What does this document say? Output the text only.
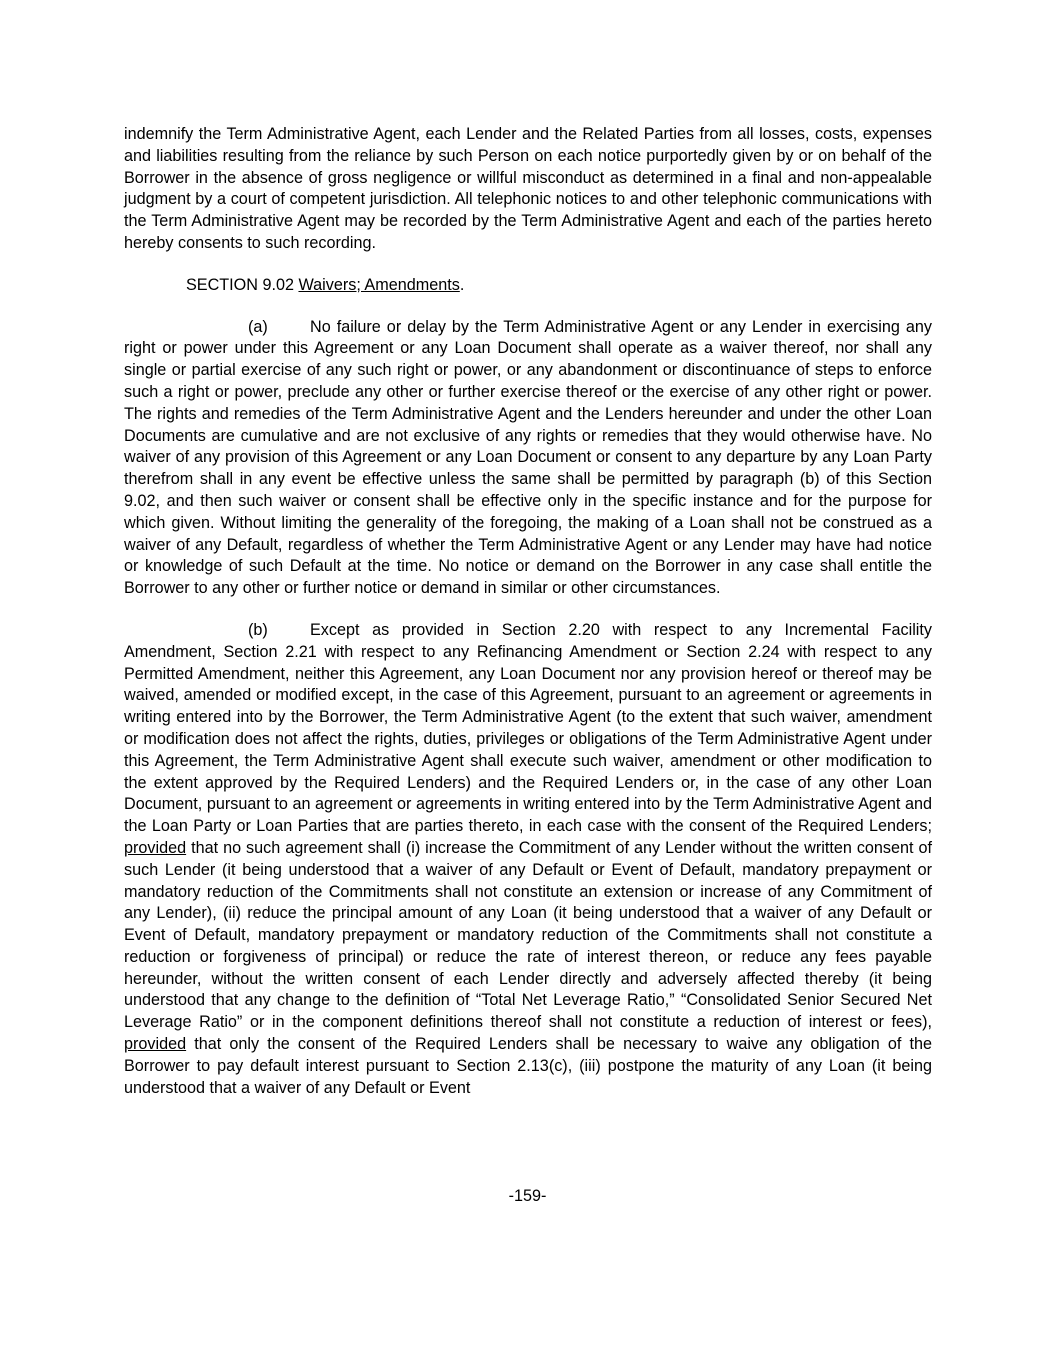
indemnify the Term Administrative Agent, each Lender and the Related Parties from all losses, costs, expenses and liabilities resulting from the reliance by such Person on each notice purportedly given by or on behalf of the Borrower in the absence of gross negligence or willful misconduct as determined in a final and non-appealable judgment by a court of competent jurisdiction. All telephonic notices to and other telephonic communications with the Term Administrative Agent may be recorded by the Term Administrative Agent and each of the parties hereto hereby consents to such recording.

SECTION 9.02 Waivers; Amendments.

(a)	No failure or delay by the Term Administrative Agent or any Lender in exercising any right or power under this Agreement or any Loan Document shall operate as a waiver thereof, nor shall any single or partial exercise of any such right or power, or any abandonment or discontinuance of steps to enforce such a right or power, preclude any other or further exercise thereof or the exercise of any other right or power. The rights and remedies of the Term Administrative Agent and the Lenders hereunder and under the other Loan Documents are cumulative and are not exclusive of any rights or remedies that they would otherwise have. No waiver of any provision of this Agreement or any Loan Document or consent to any departure by any Loan Party therefrom shall in any event be effective unless the same shall be permitted by paragraph (b) of this Section 9.02, and then such waiver or consent shall be effective only in the specific instance and for the purpose for which given. Without limiting the generality of the foregoing, the making of a Loan shall not be construed as a waiver of any Default, regardless of whether the Term Administrative Agent or any Lender may have had notice or knowledge of such Default at the time. No notice or demand on the Borrower in any case shall entitle the Borrower to any other or further notice or demand in similar or other circumstances.

(b)	Except as provided in Section 2.20 with respect to any Incremental Facility Amendment, Section 2.21 with respect to any Refinancing Amendment or Section 2.24 with respect to any Permitted Amendment, neither this Agreement, any Loan Document nor any provision hereof or thereof may be waived, amended or modified except, in the case of this Agreement, pursuant to an agreement or agreements in writing entered into by the Borrower, the Term Administrative Agent (to the extent that such waiver, amendment or modification does not affect the rights, duties, privileges or obligations of the Term Administrative Agent under this Agreement, the Term Administrative Agent shall execute such waiver, amendment or other modification to the extent approved by the Required Lenders) and the Required Lenders or, in the case of any other Loan Document, pursuant to an agreement or agreements in writing entered into by the Term Administrative Agent and the Loan Party or Loan Parties that are parties thereto, in each case with the consent of the Required Lenders; provided that no such agreement shall (i) increase the Commitment of any Lender without the written consent of such Lender (it being understood that a waiver of any Default or Event of Default, mandatory prepayment or mandatory reduction of the Commitments shall not constitute an extension or increase of any Commitment of any Lender), (ii) reduce the principal amount of any Loan (it being understood that a waiver of any Default or Event of Default, mandatory prepayment or mandatory reduction of the Commitments shall not constitute a reduction or forgiveness of principal) or reduce the rate of interest thereon, or reduce any fees payable hereunder, without the written consent of each Lender directly and adversely affected thereby (it being understood that any change to the definition of “Total Net Leverage Ratio,” “Consolidated Senior Secured Net Leverage Ratio” or in the component definitions thereof shall not constitute a reduction of interest or fees), provided that only the consent of the Required Lenders shall be necessary to waive any obligation of the Borrower to pay default interest pursuant to Section 2.13(c), (iii) postpone the maturity of any Loan (it being understood that a waiver of any Default or Event

-159-
